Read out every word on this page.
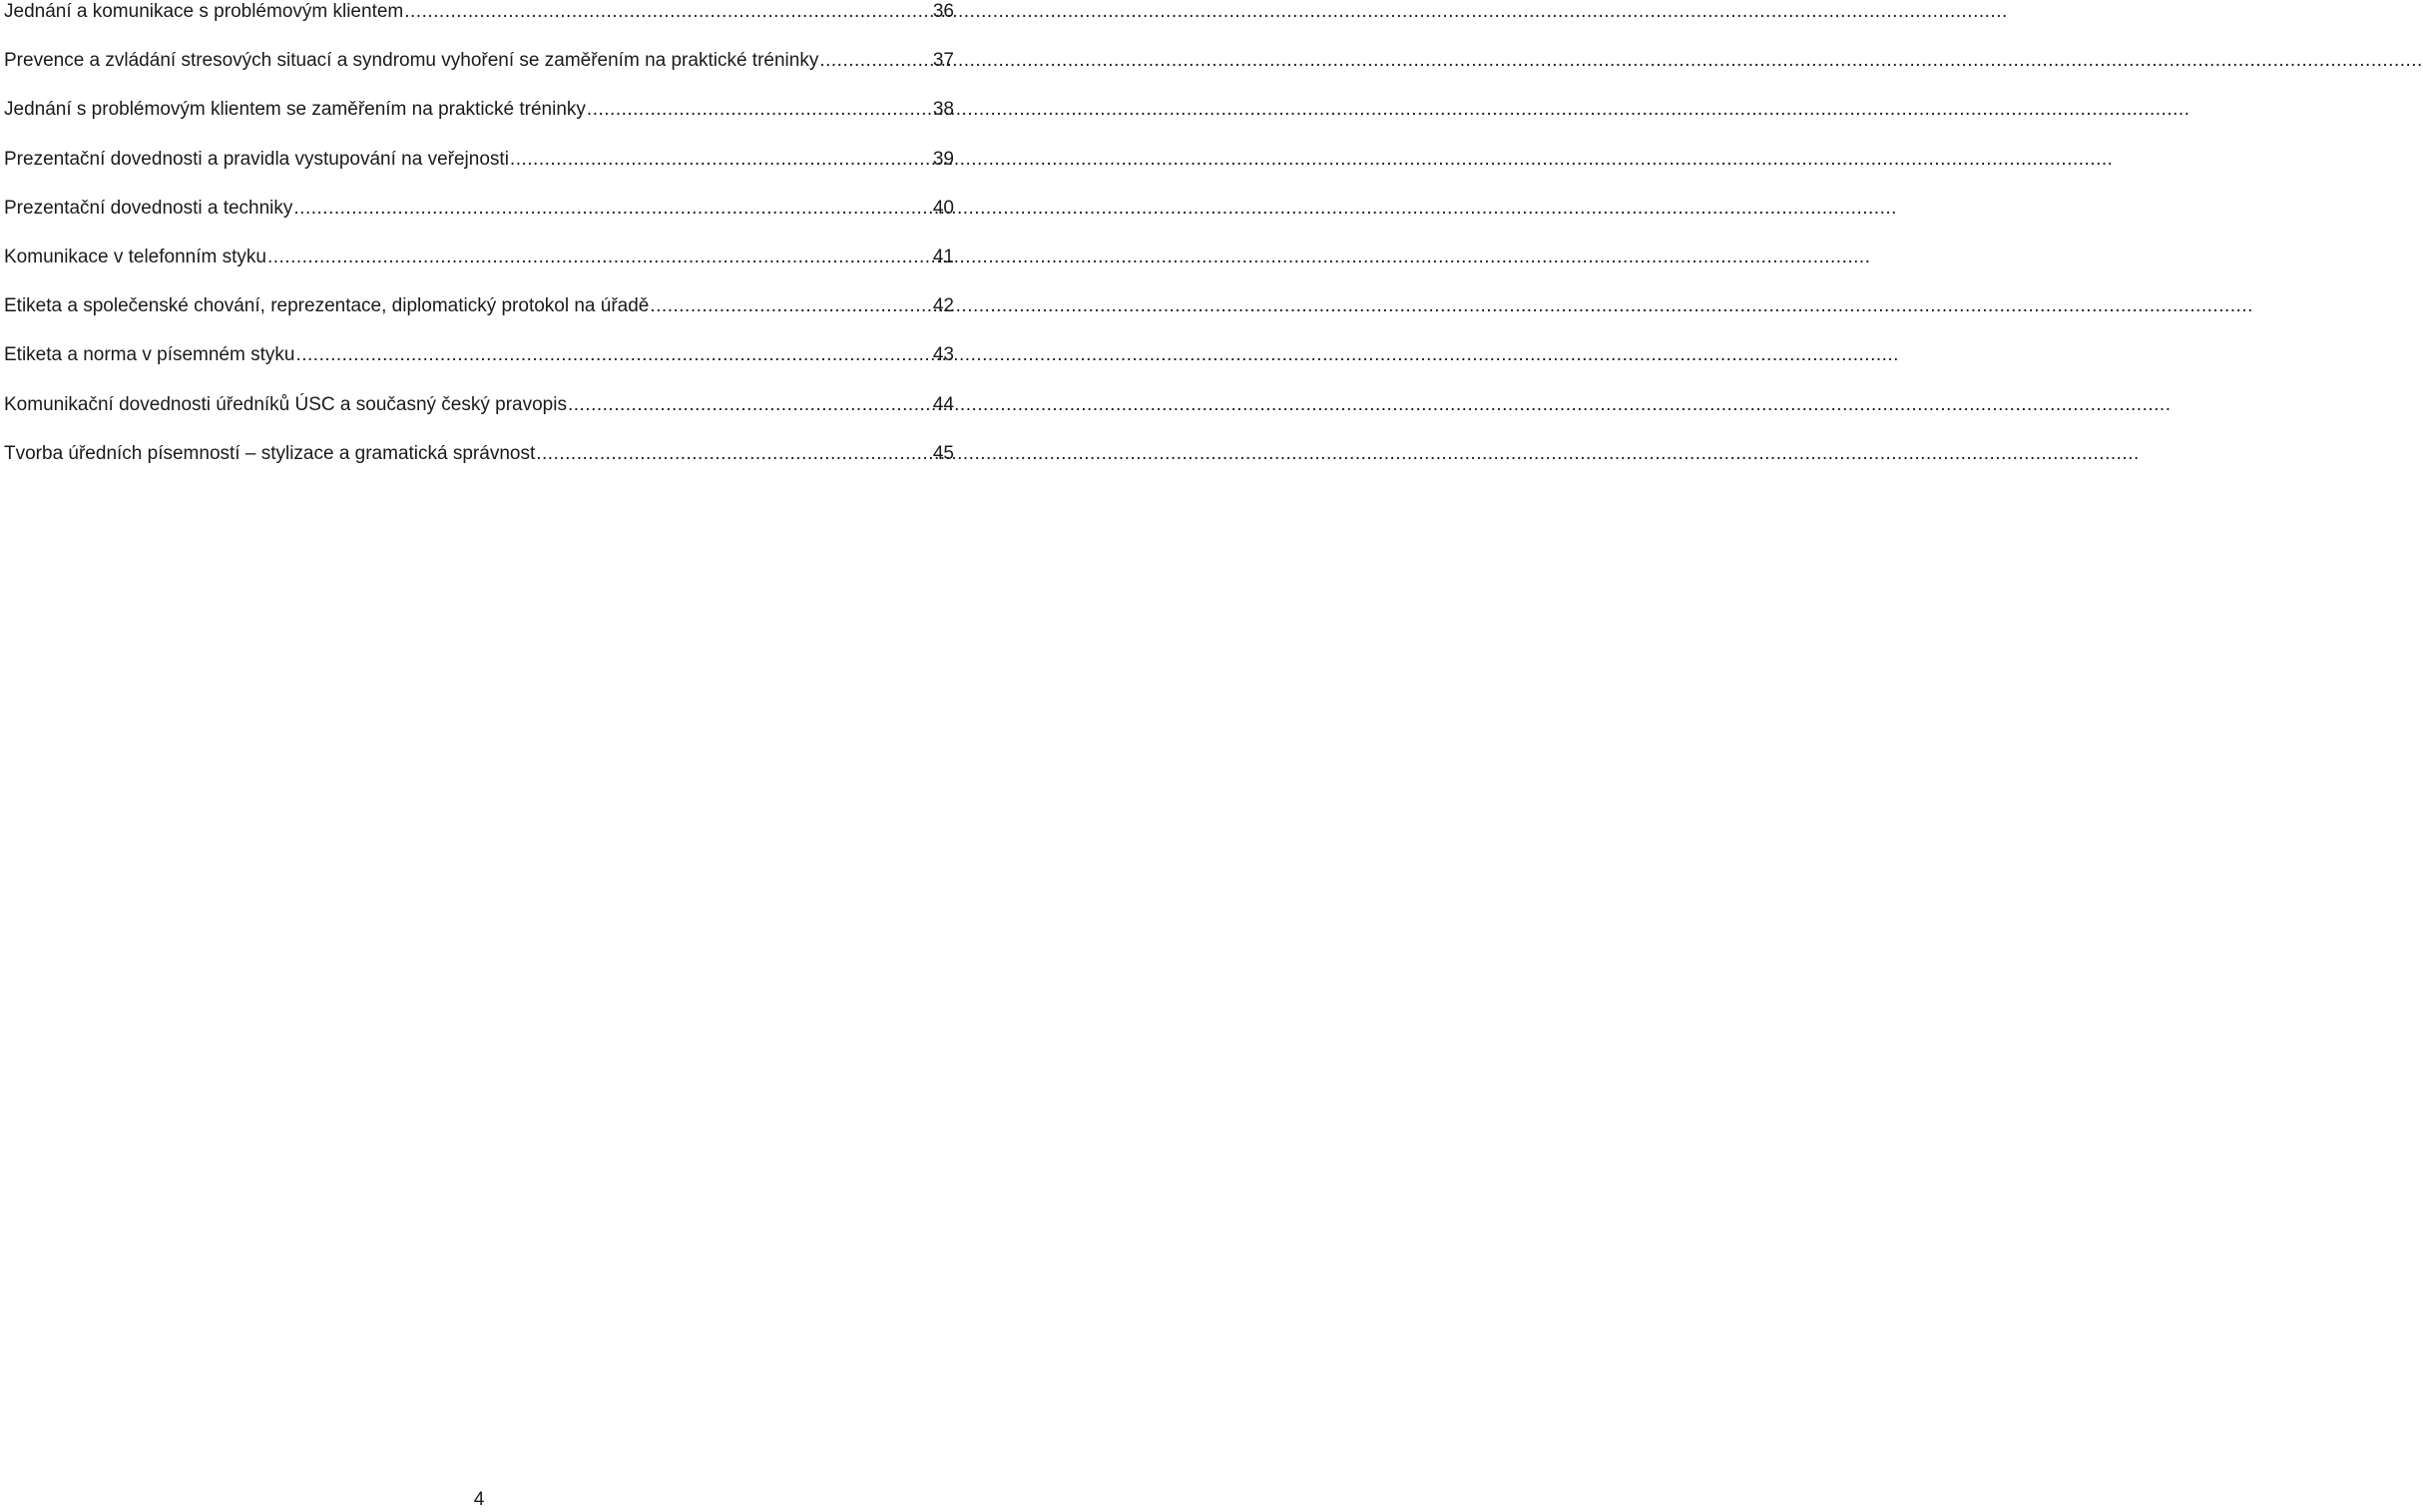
Jednání a komunikace s problémovým klientem .....	36
Prevence a zvládání stresových situací a syndromu vyhoření se zaměřením na praktické tréninky .....	37
Jednání s problémovým klientem se zaměřením na praktické tréninky .....	38
Prezentační dovednosti a pravidla vystupování na veřejnosti .....	39
Prezentační dovednosti a techniky .....	40
Komunikace v telefonním styku .....	41
Etiketa a společenské chování, reprezentace, diplomatický protokol na úřadě .....	42
Etiketa a norma v písemném styku .....	43
Komunikační dovednosti úředníků ÚSC a současný český pravopis .....	44
Tvorba úředních písemností – stylizace a gramatická správnost .....	45
4
